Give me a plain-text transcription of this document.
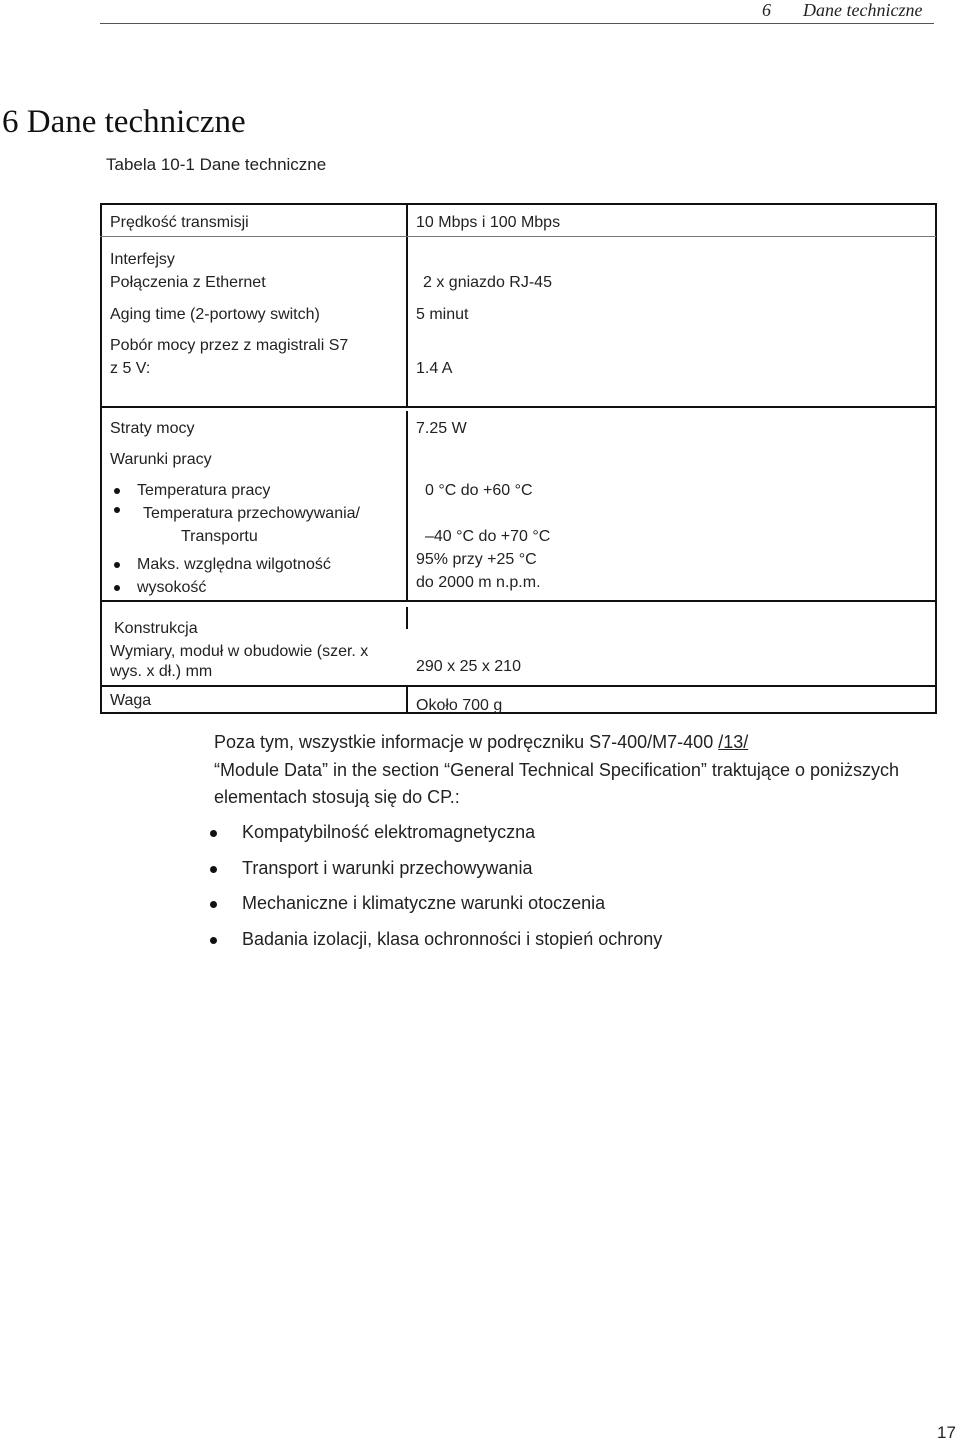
6 Dane techniczne
6 Dane techniczne
Tabela 10-1 Dane techniczne
Prędkość transmisji
Interfejsy
Połączenia z Ethernet
Aging time (2-portowy switch)
Pobór mocy przez z magistrali S7
z 5 V:
Straty mocy
Warunki pracy
Temperatura pracy
Temperatura przechowywania/
Transportu
Maks. względna wilgotność
wysokość
Konstrukcja
Wymiary, moduł w obudowie (szer. x
wys. x dł.) mm
Waga
10 Mbps i 100 Mbps
2 x gniazdo RJ-45
5 minut
1.4 A
7.25 W
0 °C do +60 °C
–40 °C do +70 °C
95% przy +25 °C
do 2000 m n.p.m.
290 x 25 x 210
Około 700 g
Poza tym, wszystkie informacje w podręczniku S7-400/M7-400 /13/
“Module Data” in the section “General Technical Specification” traktujące o poniższych
elementach stosują się do CP.:
Kompatybilność elektromagnetyczna
Transport i warunki przechowywania
Mechaniczne i klimatyczne warunki otoczenia
Badania izolacji, klasa ochronności i stopień ochrony
17
